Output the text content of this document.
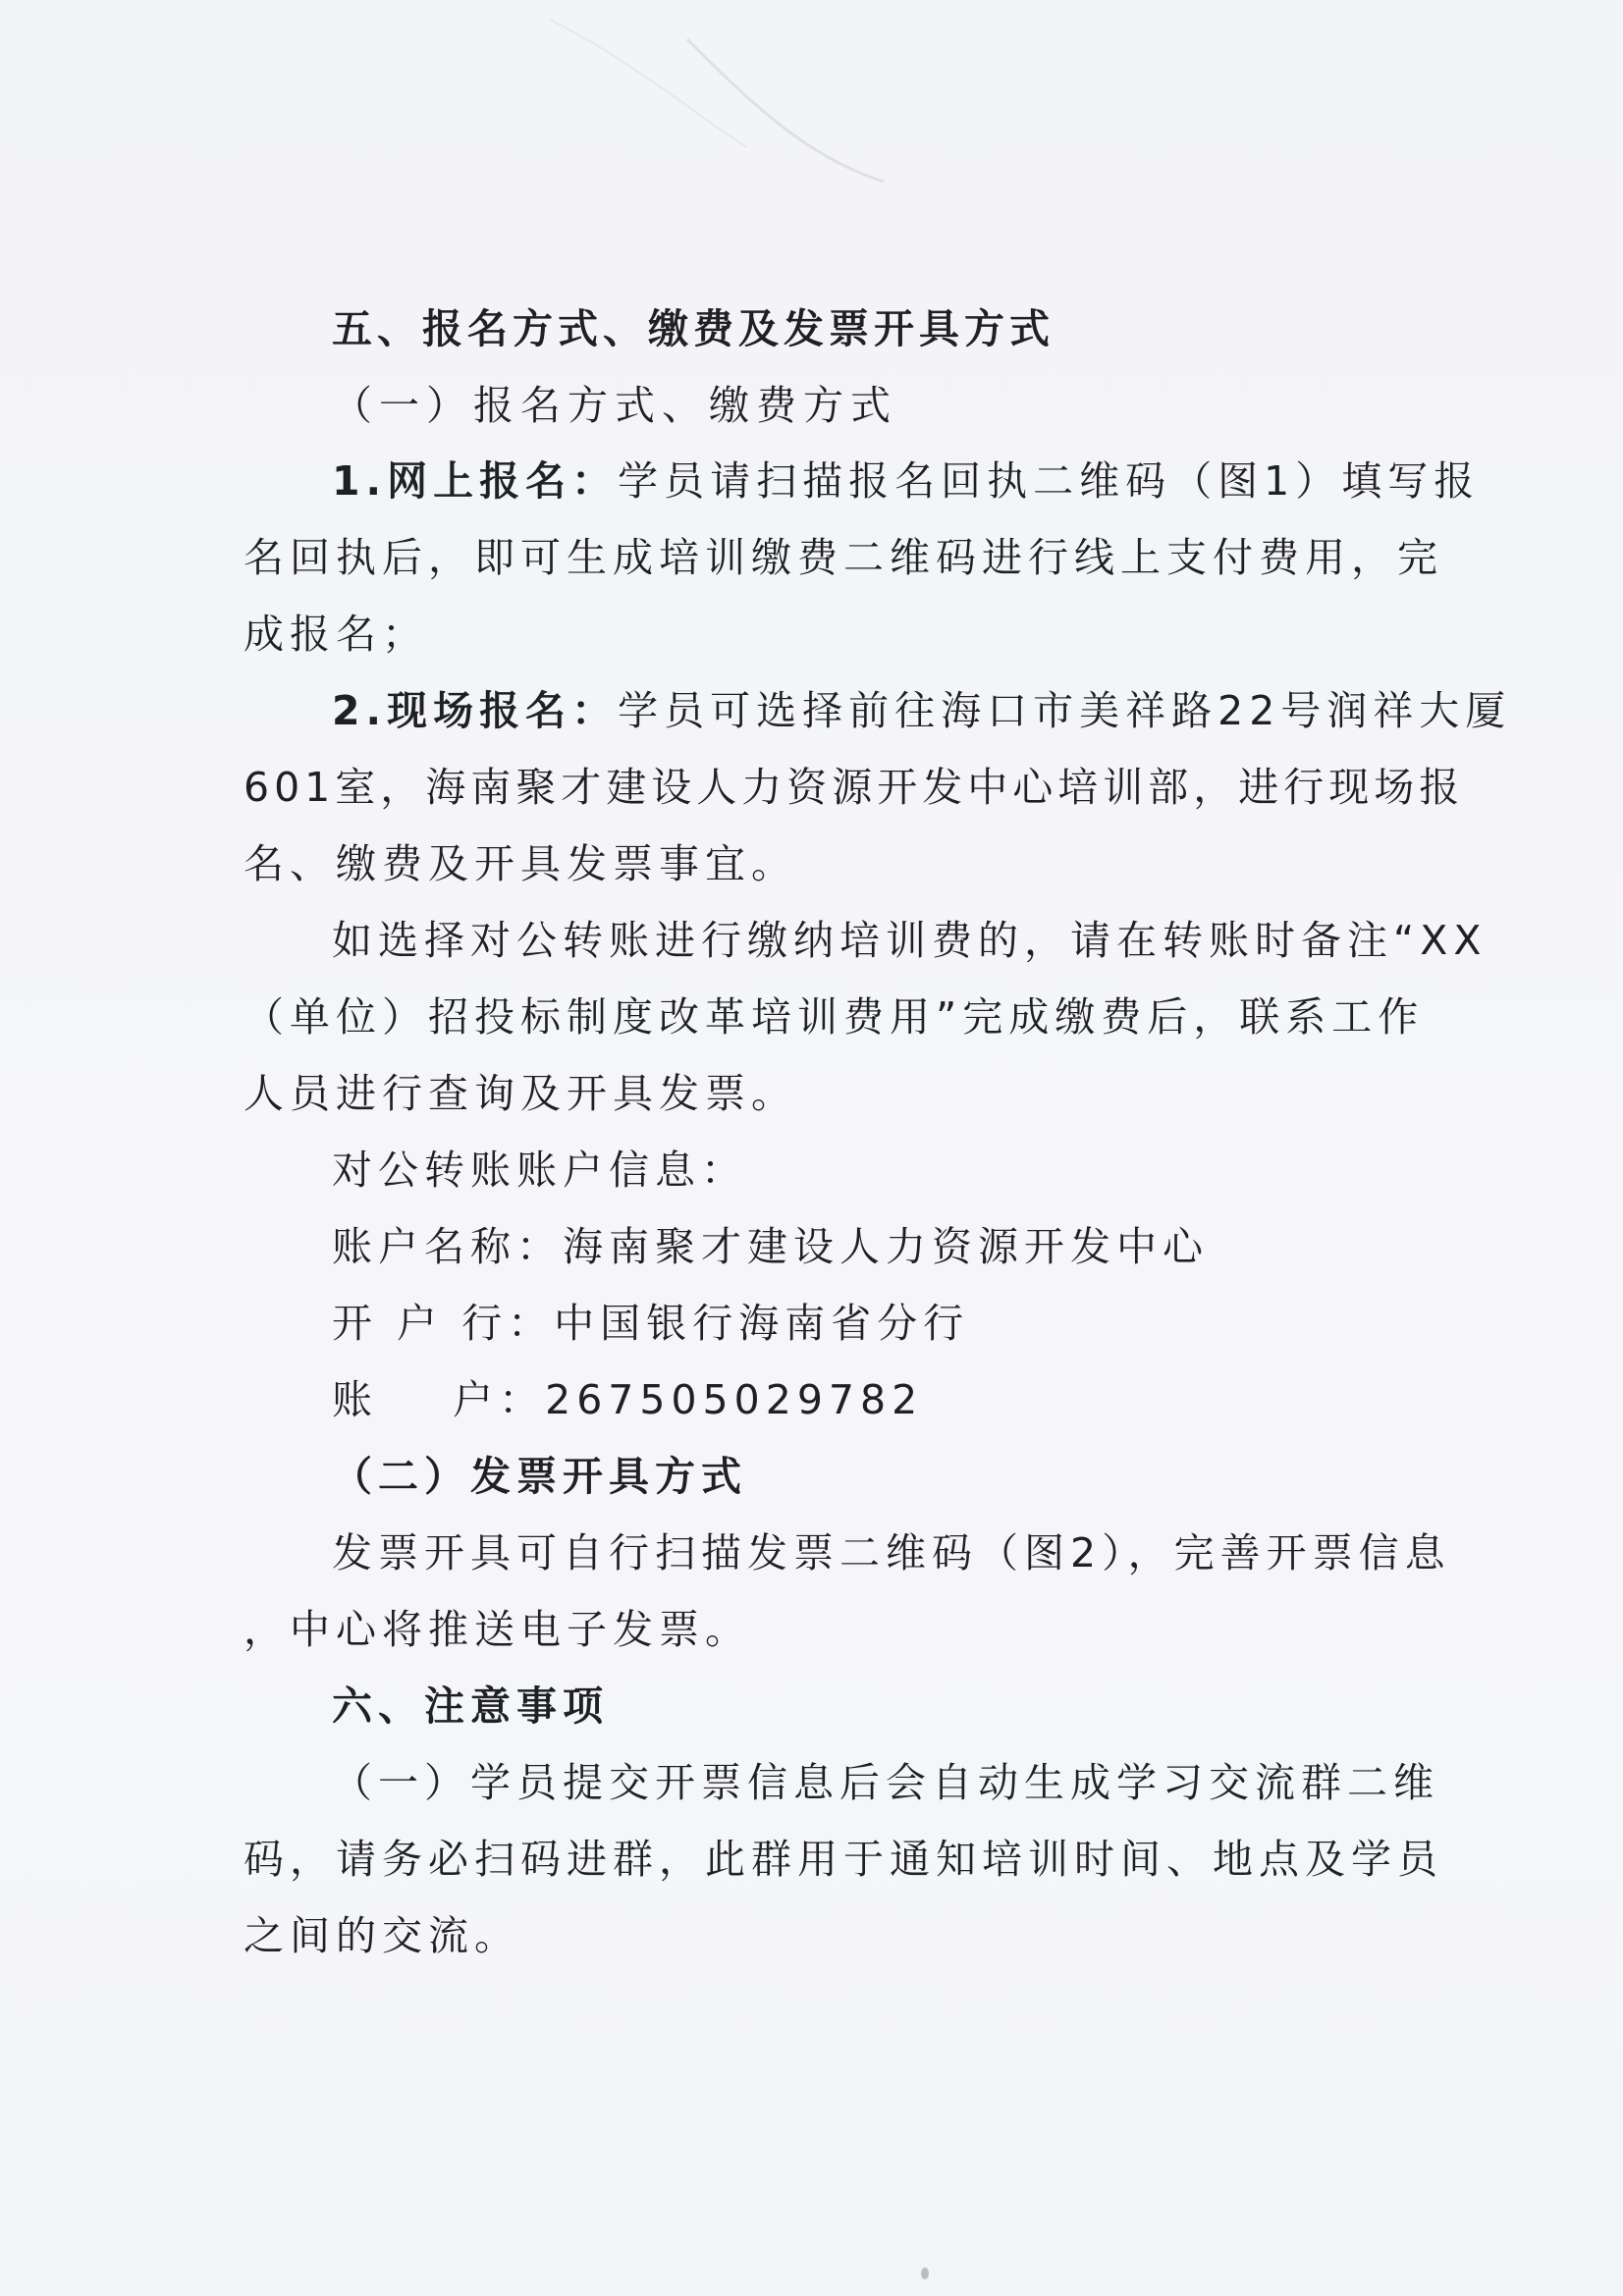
五、报名方式、缴费及发票开具方式
（一）报名方式、缴费方式
1.网上报名：学员请扫描报名回执二维码（图1）填写报
名回执后，即可生成培训缴费二维码进行线上支付费用，完
成报名；
2.现场报名：学员可选择前往海口市美祥路22号润祥大厦
601室，海南聚才建设人力资源开发中心培训部，进行现场报
名、缴费及开具发票事宜。
如选择对公转账进行缴纳培训费的，请在转账时备注“XX
（单位）招投标制度改革培训费用”完成缴费后，联系工作
人员进行查询及开具发票。
对公转账账户信息：
账户名称：海南聚才建设人力资源开发中心
开 户 行：中国银行海南省分行
账    户：267505029782
（二）发票开具方式
发票开具可自行扫描发票二维码（图2），完善开票信息
，中心将推送电子发票。
六、注意事项
（一）学员提交开票信息后会自动生成学习交流群二维
码，请务必扫码进群，此群用于通知培训时间、地点及学员
之间的交流。
